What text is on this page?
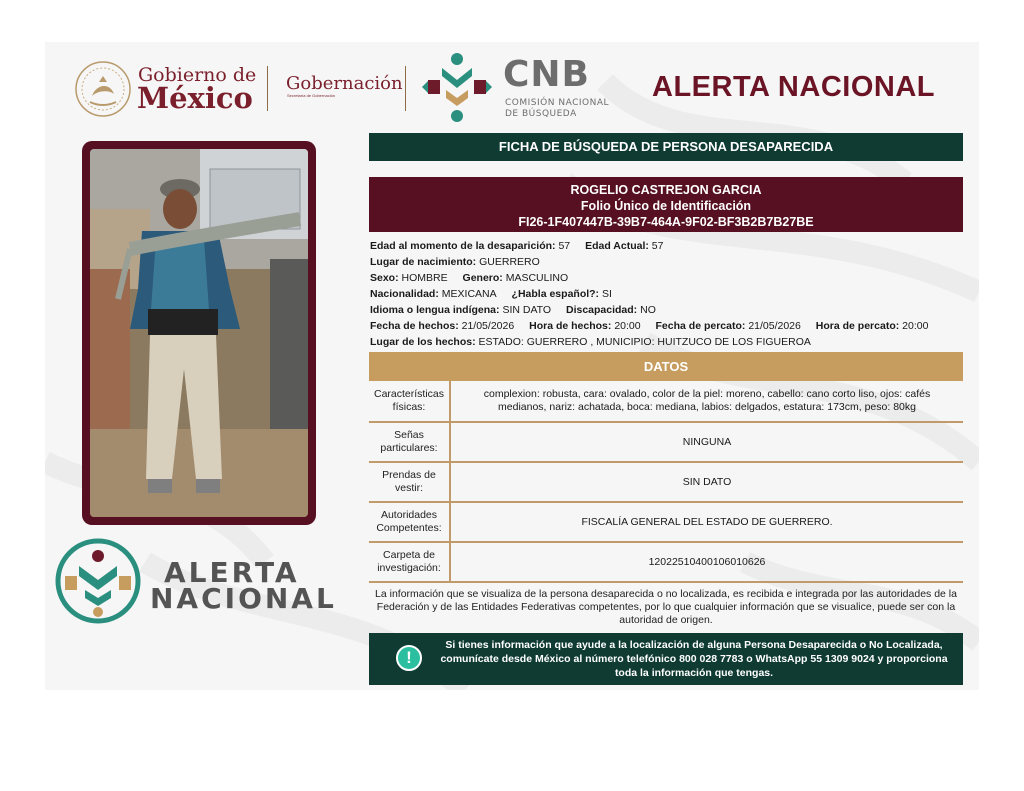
Gobierno de
México Gobernación
Secretaría de Gobernación
CNB
COMISIÓN NACIONAL
DE BÚSQUEDA
ALERTA NACIONAL
ALERTA
NACIONAL
FICHA DE BÚSQUEDA DE PERSONA DESAPARECIDA
ROGELIO CASTREJON GARCIA
Folio Único de Identificación
FI26-1F407447B-39B7-464A-9F02-BF3B2B7B27BE
Edad al momento de la desaparición: 57 Edad Actual: 57
Lugar de nacimiento: GUERRERO
Sexo: HOMBRE Genero: MASCULINO
Nacionalidad: MEXICANA ¿Habla español?: SI
Idioma o lengua indígena: SIN DATO Discapacidad: NO
Fecha de hechos: 21/05/2026 Hora de hechos: 20:00 Fecha de percato: 21/05/2026 Hora de percato: 20:00
Lugar de los hechos: ESTADO: GUERRERO , MUNICIPIO: HUITZUCO DE LOS FIGUEROA
DATOS
Características físicas:	complexion: robusta, cara: ovalado, color de la piel: moreno, cabello: cano corto liso, ojos: cafés medianos, nariz: achatada, boca: mediana, labios: delgados, estatura: 173cm, peso: 80kg
Señas particulares:	NINGUNA
Prendas de vestir:	SIN DATO
Autoridades Competentes:	FISCALÍA GENERAL DEL ESTADO DE GUERRERO.
Carpeta de investigación:	12022510400106010626
La información que se visualiza de la persona desaparecida o no localizada, es recibida e integrada por las autoridades de la Federación y de las Entidades Federativas competentes, por lo que cualquier información que se visualice, puede ser con la autoridad de origen.
!
Si tienes información que ayude a la localización de alguna Persona Desaparecida o No Localizada, comunícate desde México al número telefónico 800 028 7783 o WhatsApp 55 1309 9024 y proporciona toda la información que tengas.
